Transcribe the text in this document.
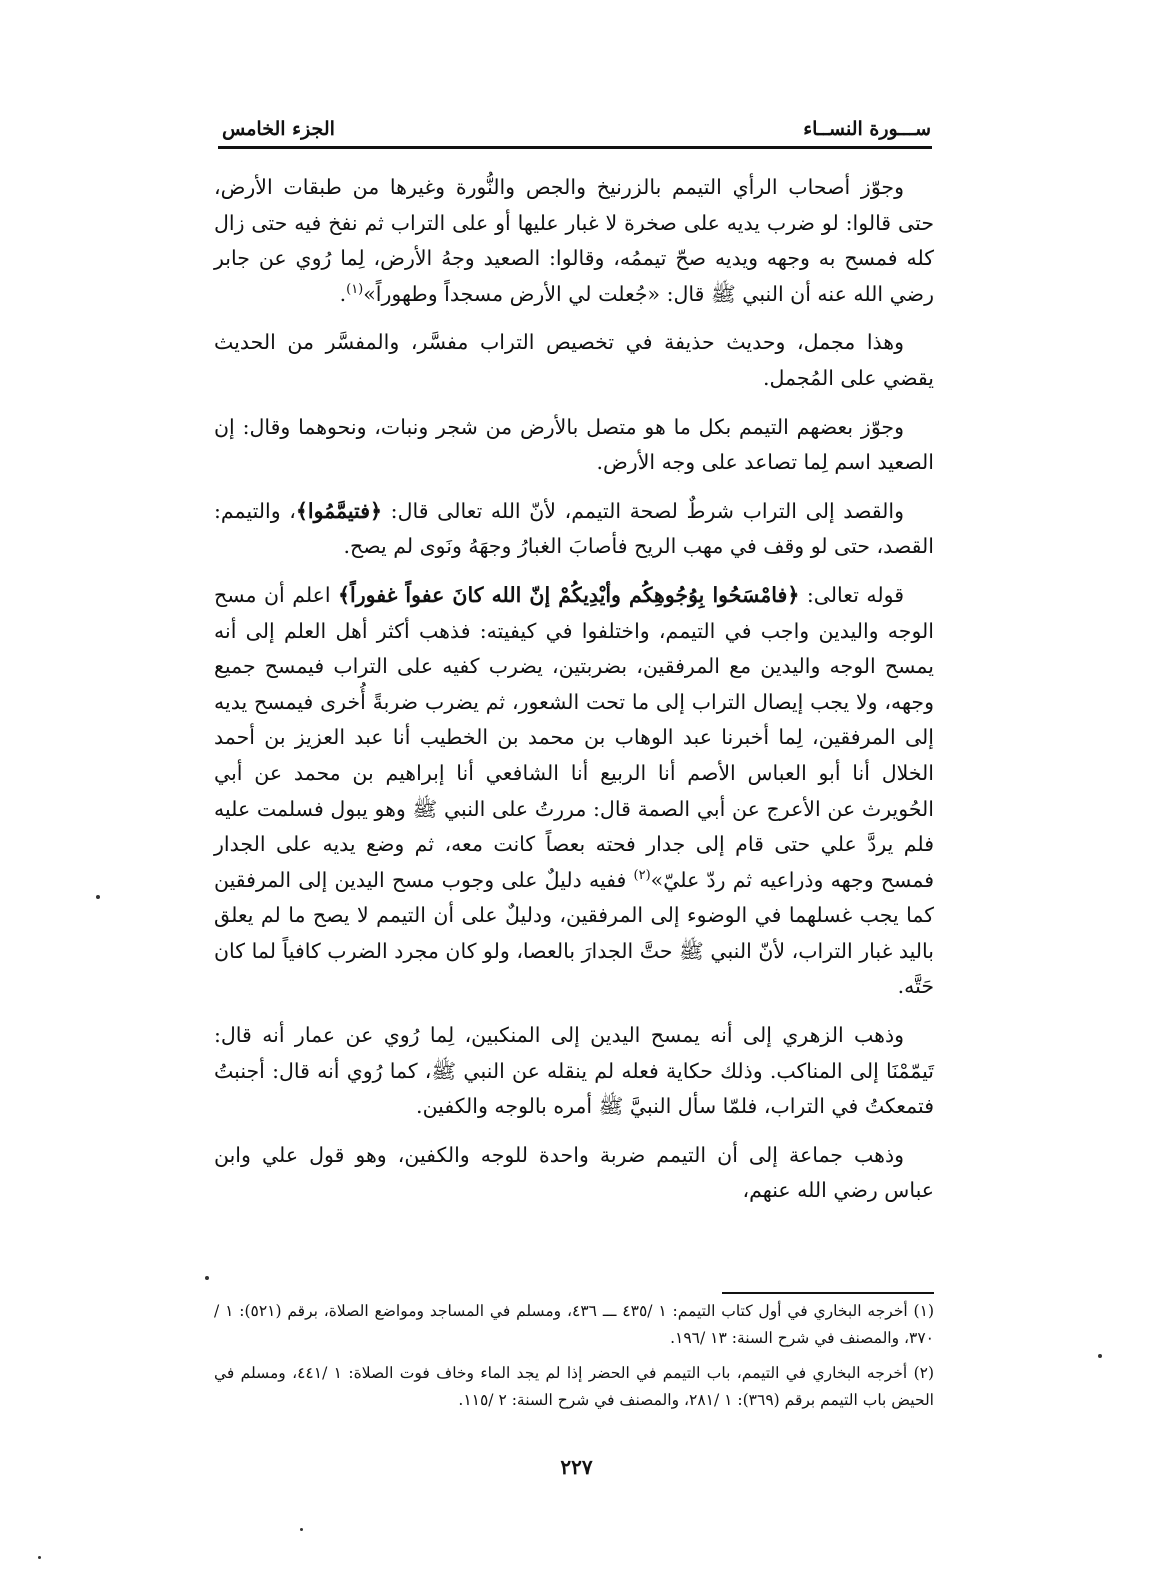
ســـورة النســاء
الجزء الخامس

وجوّز أصحاب الرأي التيمم بالزرنيخ والجص والنُّورة وغيرها من طبقات الأرض، حتى قالوا: لو ضرب يديه على صخرة لا غبار عليها أو على التراب ثم نفخ فيه حتى زال كله فمسح به وجهه ويديه صحّ تيممُه، وقالوا: الصعيد وجهُ الأرض، لِما رُوي عن جابر رضي الله عنه أن النبي ﷺ قال: «جُعلت لي الأرض مسجداً وطهوراً»$^{(١)}$.

وهذا مجمل، وحديث حذيفة في تخصيص التراب مفسَّر، والمفسَّر من الحديث يقضي على المُجمل.

وجوّز بعضهم التيمم بكل ما هو متصل بالأرض من شجر ونبات، ونحوهما وقال: إن الصعيد اسم لِما تصاعد على وجه الأرض.

والقصد إلى التراب شرطٌ لصحة التيمم، لأنّ الله تعالى قال: ﴿فتيمَّمُوا﴾، والتيمم: القصد، حتى لو وقف في مهب الريح فأصابَ الغبارُ وجهَهُ ونَوى لم يصح.

قوله تعالى: ﴿فامْسَحُوا بِوُجُوهِكُم وأيْدِيكُمْ إنّ الله كانَ عفواً غفوراً﴾ اعلم أن مسح الوجه واليدين واجب في التيمم، واختلفوا في كيفيته: فذهب أكثر أهل العلم إلى أنه يمسح الوجه واليدين مع المرفقين، بضربتين، يضرب كفيه على التراب فيمسح جميع وجهه، ولا يجب إيصال التراب إلى ما تحت الشعور، ثم يضرب ضربةً أُخرى فيمسح يديه إلى المرفقين، لِما أخبرنا عبد الوهاب بن محمد بن الخطيب أنا عبد العزيز بن أحمد الخلال أنا أبو العباس الأصم أنا الربيع أنا الشافعي أنا إبراهيم بن محمد عن أبي الحُويرث عن الأعرج عن أبي الصمة قال: مررتُ على النبي ﷺ وهو يبول فسلمت عليه فلم يردَّ علي حتى قام إلى جدار فحته بعصاً كانت معه، ثم وضع يديه على الجدار فمسح وجهه وذراعيه ثم ردّ عليّ»$^{(٢)}$ ففيه دليلٌ على وجوب مسح اليدين إلى المرفقين كما يجب غسلهما في الوضوء إلى المرفقين، ودليلٌ على أن التيمم لا يصح ما لم يعلق باليد غبار التراب، لأنّ النبي ﷺ حتَّ الجدارَ بالعصا، ولو كان مجرد الضرب كافياً لما كان حَتَّه.

وذهب الزهري إلى أنه يمسح اليدين إلى المنكبين، لِما رُوي عن عمار أنه قال: تَيمّمْنَا إلى المناكب. وذلك حكاية فعله لم ينقله عن النبي ﷺ، كما رُوي أنه قال: أجنبتُ فتمعكتُ في التراب، فلمّا سأل النبيَّ ﷺ أمره بالوجه والكفين.

وذهب جماعة إلى أن التيمم ضربة واحدة للوجه والكفين، وهو قول علي وابن عباس رضي الله عنهم،

(١) أخرجه البخاري في أول كتاب التيمم: ١ /٤٣٥ ـــ ٤٣٦، ومسلم في المساجد ومواضع الصلاة، برقم (٥٢١): ١ /٣٧٠، والمصنف في شرح السنة: ١٣ /١٩٦.

(٢) أخرجه البخاري في التيمم، باب التيمم في الحضر إذا لم يجد الماء وخاف فوت الصلاة: ١ /٤٤١، ومسلم في الحيض باب التيمم برقم (٣٦٩): ١ /٢٨١، والمصنف في شرح السنة: ٢ /١١٥.

٢٢٧
